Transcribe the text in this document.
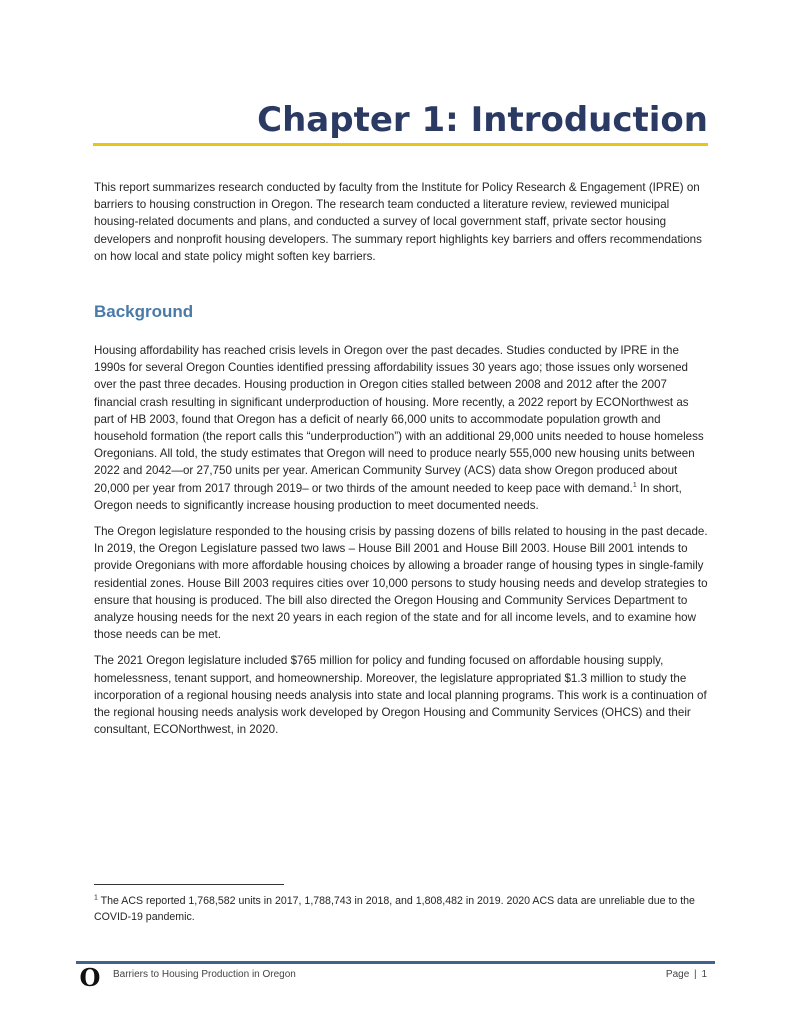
Chapter 1: Introduction

This report summarizes research conducted by faculty from the Institute for Policy Research & Engagement (IPRE) on barriers to housing construction in Oregon. The research team conducted a literature review, reviewed municipal housing-related documents and plans, and conducted a survey of local government staff, private sector housing developers and nonprofit housing developers. The summary report highlights key barriers and offers recommendations on how local and state policy might soften key barriers.

Background

Housing affordability has reached crisis levels in Oregon over the past decades. Studies conducted by IPRE in the 1990s for several Oregon Counties identified pressing affordability issues 30 years ago; those issues only worsened over the past three decades. Housing production in Oregon cities stalled between 2008 and 2012 after the 2007 financial crash resulting in significant underproduction of housing. More recently, a 2022 report by ECONorthwest as part of HB 2003, found that Oregon has a deficit of nearly 66,000 units to accommodate population growth and household formation (the report calls this “underproduction”) with an additional 29,000 units needed to house homeless Oregonians. All told, the study estimates that Oregon will need to produce nearly 555,000 new housing units between 2022 and 2042—or 27,750 units per year. American Community Survey (ACS) data show Oregon produced about 20,000 per year from 2017 through 2019– or two thirds of the amount needed to keep pace with demand.$^1$ In short, Oregon needs to significantly increase housing production to meet documented needs.

The Oregon legislature responded to the housing crisis by passing dozens of bills related to housing in the past decade. In 2019, the Oregon Legislature passed two laws – House Bill 2001 and House Bill 2003. House Bill 2001 intends to provide Oregonians with more affordable housing choices by allowing a broader range of housing types in single-family residential zones. House Bill 2003 requires cities over 10,000 persons to study housing needs and develop strategies to ensure that housing is produced. The bill also directed the Oregon Housing and Community Services Department to analyze housing needs for the next 20 years in each region of the state and for all income levels, and to examine how those needs can be met.

The 2021 Oregon legislature included $765 million for policy and funding focused on affordable housing supply, homelessness, tenant support, and homeownership. Moreover, the legislature appropriated $1.3 million to study the incorporation of a regional housing needs analysis into state and local planning programs. This work is a continuation of the regional housing needs analysis work developed by Oregon Housing and Community Services (OHCS) and their consultant, ECONorthwest, in 2020.

$^1$ The ACS reported 1,768,582 units in 2017, 1,788,743 in 2018, and 1,808,482 in 2019. 2020 ACS data are unreliable due to the COVID-19 pandemic.
O Barriers to Housing Production in Oregon	Page | 1
